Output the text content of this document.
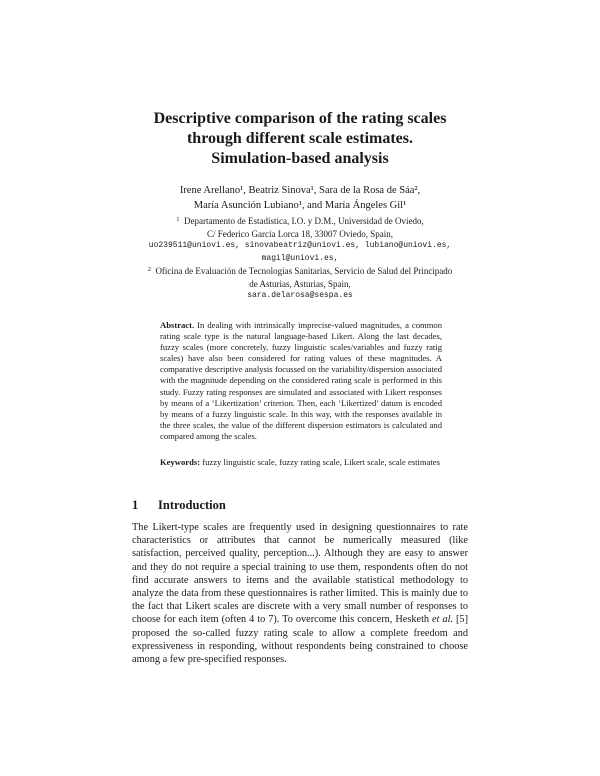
Descriptive comparison of the rating scales
through different scale estimates.
Simulation-based analysis
Irene Arellano¹, Beatriz Sinova¹, Sara de la Rosa de Sáa²,
María Asunción Lubiano¹, and María Ángeles Gil¹
$^1$ Departamento de Estadística, I.O. y D.M., Universidad de Oviedo,
C/ Federico García Lorca 18, 33007 Oviedo, Spain,
uo239511@uniovi.es, sinovabeatriz@uniovi.es, lubiano@uniovi.es,
magil@uniovi.es,
$^2$ Oficina de Evaluación de Tecnologías Sanitarias, Servicio de Salud del Principado
de Asturias, Asturias, Spain,
sara.delarosa@sespa.es
Abstract. In dealing with intrinsically imprecise-valued magnitudes, a common rating scale type is the natural language-based Likert. Along the last decades, fuzzy scales (more concretely, fuzzy linguistic scales/variables and fuzzy ratig scales) have also been considered for rating values of these magnitudes. A comparative descriptive analysis focussed on the variability/dispersion associated with the magnitude depending on the considered rating scale is performed in this study. Fuzzy rating responses are simulated and associated with Likert responses by means of a ‘Likertization’ criterion. Then, each ‘Likertized’ datum is encoded by means of a fuzzy linguistic scale. In this way, with the responses available in the three scales, the value of the different dispersion estimators is calculated and compared among the scales.
Keywords: fuzzy linguistic scale, fuzzy rating scale, Likert scale, scale estimates
1 Introduction
The Likert-type scales are frequently used in designing questionnaires to rate characteristics or attributes that cannot be numerically measured (like satisfaction, perceived quality, perception...). Although they are easy to answer and they do not require a special training to use them, respondents often do not find accurate answers to items and the available statistical methodology to analyze the data from these questionnaires is rather limited. This is mainly due to the fact that Likert scales are discrete with a very small number of responses to choose for each item (often 4 to 7). To overcome this concern, Hesketh et al. [5] proposed the so-called fuzzy rating scale to allow a complete freedom and expressiveness in responding, without respondents being constrained to choose among a few pre-specified responses.
